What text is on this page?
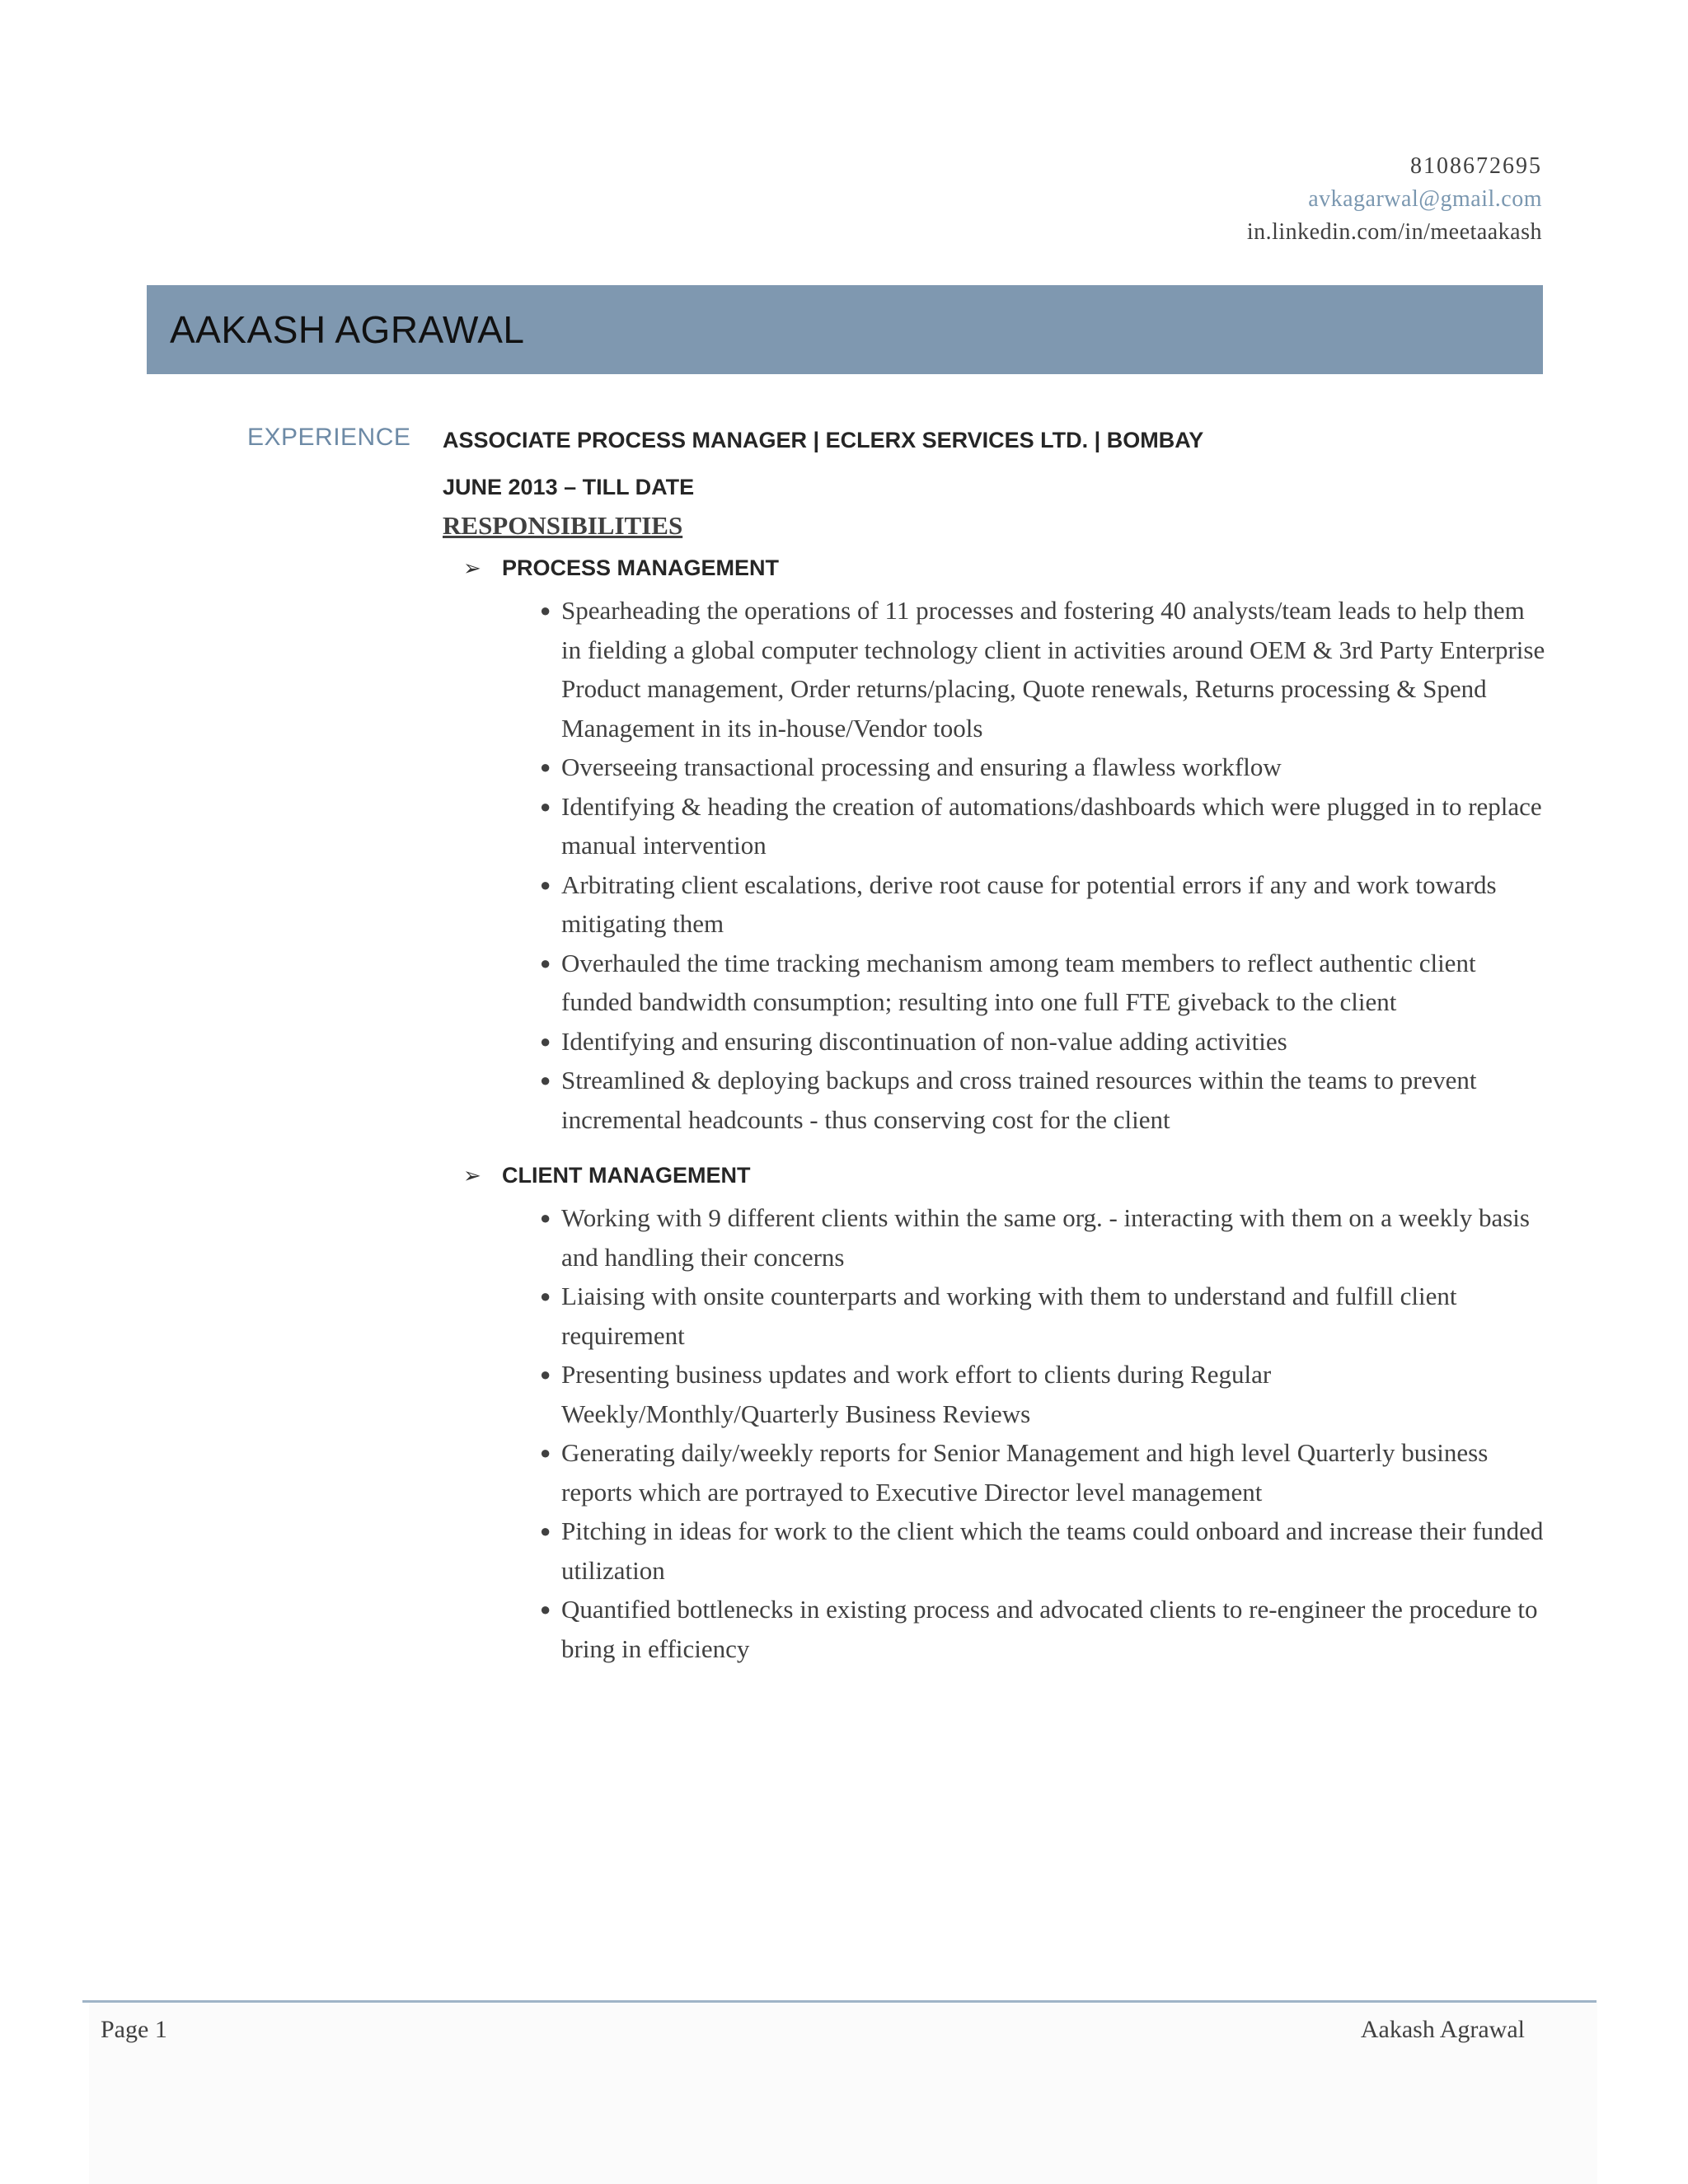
8108672695
avkagarwal@gmail.com
in.linkedin.com/in/meetaakash
AAKASH AGRAWAL
EXPERIENCE ASSOCIATE PROCESS MANAGER | ECLERX SERVICES LTD. | BOMBAY
JUNE 2013 – TILL DATE
RESPONSIBILITIES
➢ PROCESS MANAGEMENT
● Spearheading the operations of 11 processes and fostering 40 analysts/team leads to help them in fielding a global computer technology client in activities around OEM & 3rd Party Enterprise Product management, Order returns/placing, Quote renewals, Returns processing & Spend Management in its in-house/Vendor tools
● Overseeing transactional processing and ensuring a flawless workflow
● Identifying & heading the creation of automations/dashboards which were plugged in to replace manual intervention
● Arbitrating client escalations, derive root cause for potential errors if any and work towards mitigating them
● Overhauled the time tracking mechanism among team members to reflect authentic client funded bandwidth consumption; resulting into one full FTE giveback to the client
● Identifying and ensuring discontinuation of non-value adding activities
● Streamlined & deploying backups and cross trained resources within the teams to prevent incremental headcounts - thus conserving cost for the client
➢ CLIENT MANAGEMENT
● Working with 9 different clients within the same org. - interacting with them on a weekly basis and handling their concerns
● Liaising with onsite counterparts and working with them to understand and fulfill client requirement
● Presenting business updates and work effort to clients during Regular Weekly/Monthly/Quarterly Business Reviews
● Generating daily/weekly reports for Senior Management and high level Quarterly business reports which are portrayed to Executive Director level management
● Pitching in ideas for work to the client which the teams could onboard and increase their funded utilization
● Quantified bottlenecks in existing process and advocated clients to re-engineer the procedure to bring in efficiency
Page 1	Aakash Agrawal
